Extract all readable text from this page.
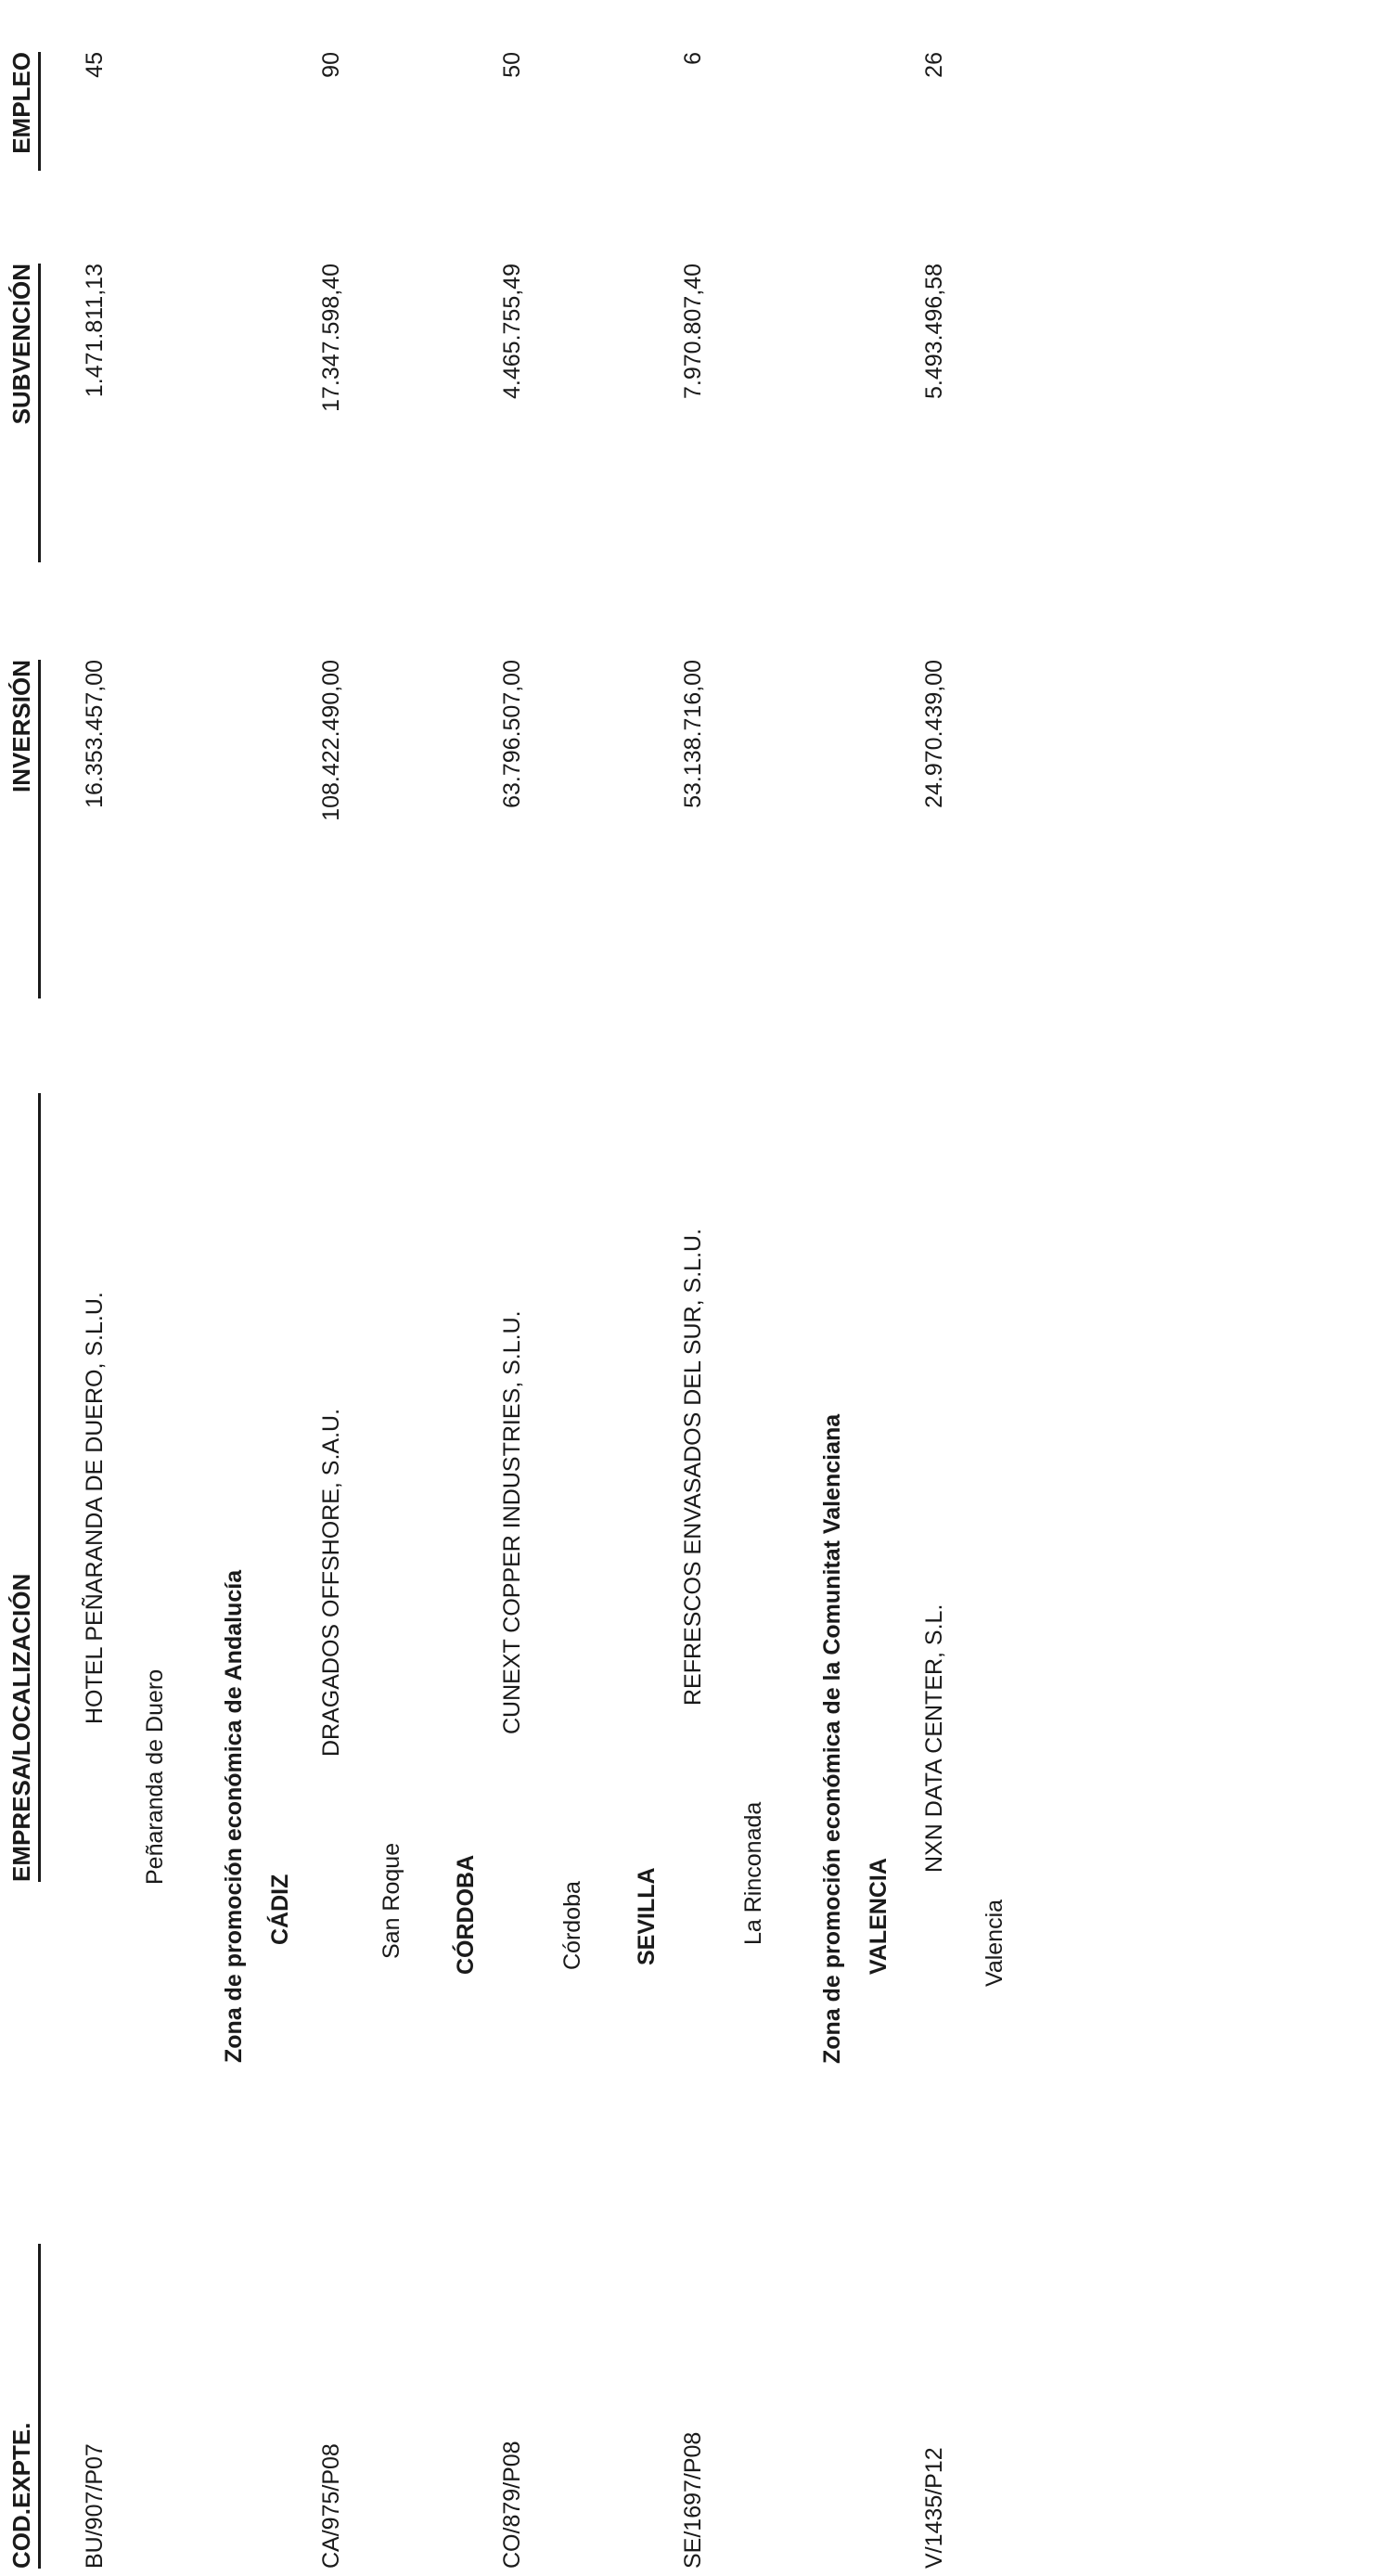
COD.EXPTE.
EMPRESA/LOCALIZACIÓN
INVERSIÓN
SUBVENCIÓN
EMPLEO
BU/907/P07
HOTEL PEÑARANDA DE DUERO, S.L.U.
16.353.457,00
1.471.811,13
45
Peñaranda de Duero Zona de promoción económica de Andalucía CÁDIZ
CA/975/P08
DRAGADOS OFFSHORE, S.A.U.
108.422.490,00
17.347.598,40
90
San Roque CÓRDOBA
CO/879/P08
CUNEXT COPPER INDUSTRIES, S.L.U.
63.796.507,00
4.465.755,49
50
Córdoba SEVILLA
SE/1697/P08
REFRESCOS ENVASADOS DEL SUR, S.L.U.
53.138.716,00
7.970.807,40
6
La Rinconada Zona de promoción económica de la Comunitat Valenciana VALENCIA
V/1435/P12
NXN DATA CENTER, S.L.
24.970.439,00
5.493.496,58
26
Valencia
